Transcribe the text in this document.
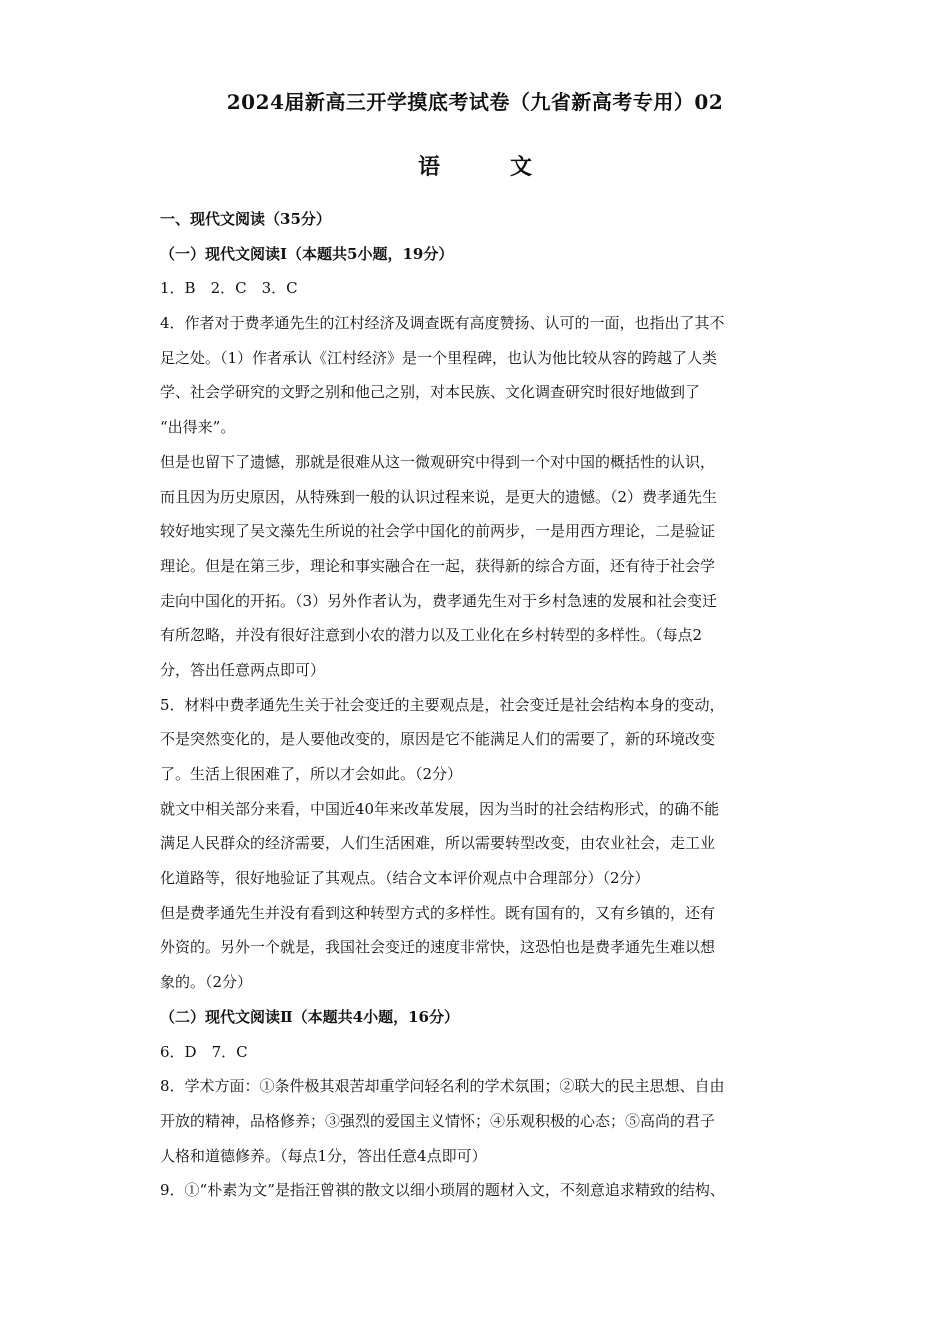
2024届新高三开学摸底考试卷（九省新高考专用）02
语文
一、现代文阅读（35分）
（一）现代文阅读Ⅰ（本题共5小题，19分）
1．B　2．C　3．C
4．作者对于费孝通先生的江村经济及调查既有高度赞扬、认可的一面，也指出了其不
足之处。（1）作者承认《江村经济》是一个里程碑，也认为他比较从容的跨越了人类
学、社会学研究的文野之别和他己之别，对本民族、文化调查研究时很好地做到了
“出得来”。
但是也留下了遗憾，那就是很难从这一微观研究中得到一个对中国的概括性的认识，
而且因为历史原因，从特殊到一般的认识过程来说，是更大的遗憾。（2）费孝通先生
较好地实现了吴文藻先生所说的社会学中国化的前两步，一是用西方理论，二是验证
理论。但是在第三步，理论和事实融合在一起，获得新的综合方面，还有待于社会学
走向中国化的开拓。（3）另外作者认为，费孝通先生对于乡村急速的发展和社会变迁
有所忽略，并没有很好注意到小农的潜力以及工业化在乡村转型的多样性。（每点2
分，答出任意两点即可）
5．材料中费孝通先生关于社会变迁的主要观点是，社会变迁是社会结构本身的变动，
不是突然变化的，是人要他改变的，原因是它不能满足人们的需要了，新的环境改变
了。生活上很困难了，所以才会如此。（2分）
就文中相关部分来看，中国近40年来改革发展，因为当时的社会结构形式，的确不能
满足人民群众的经济需要，人们生活困难，所以需要转型改变，由农业社会，走工业
化道路等，很好地验证了其观点。（结合文本评价观点中合理部分）（2分）
但是费孝通先生并没有看到这种转型方式的多样性。既有国有的，又有乡镇的，还有
外资的。另外一个就是，我国社会变迁的速度非常快，这恐怕也是费孝通先生难以想
象的。（2分）
（二）现代文阅读Ⅱ（本题共4小题，16分）
6．D　7．C
8．学术方面：①条件极其艰苦却重学问轻名利的学术氛围；②联大的民主思想、自由
开放的精神，品格修养；③强烈的爱国主义情怀；④乐观积极的心态；⑤高尚的君子
人格和道德修养。（每点1分，答出任意4点即可）
9．①“朴素为文”是指汪曾祺的散文以细小琐屑的题材入文，不刻意追求精致的结构、
